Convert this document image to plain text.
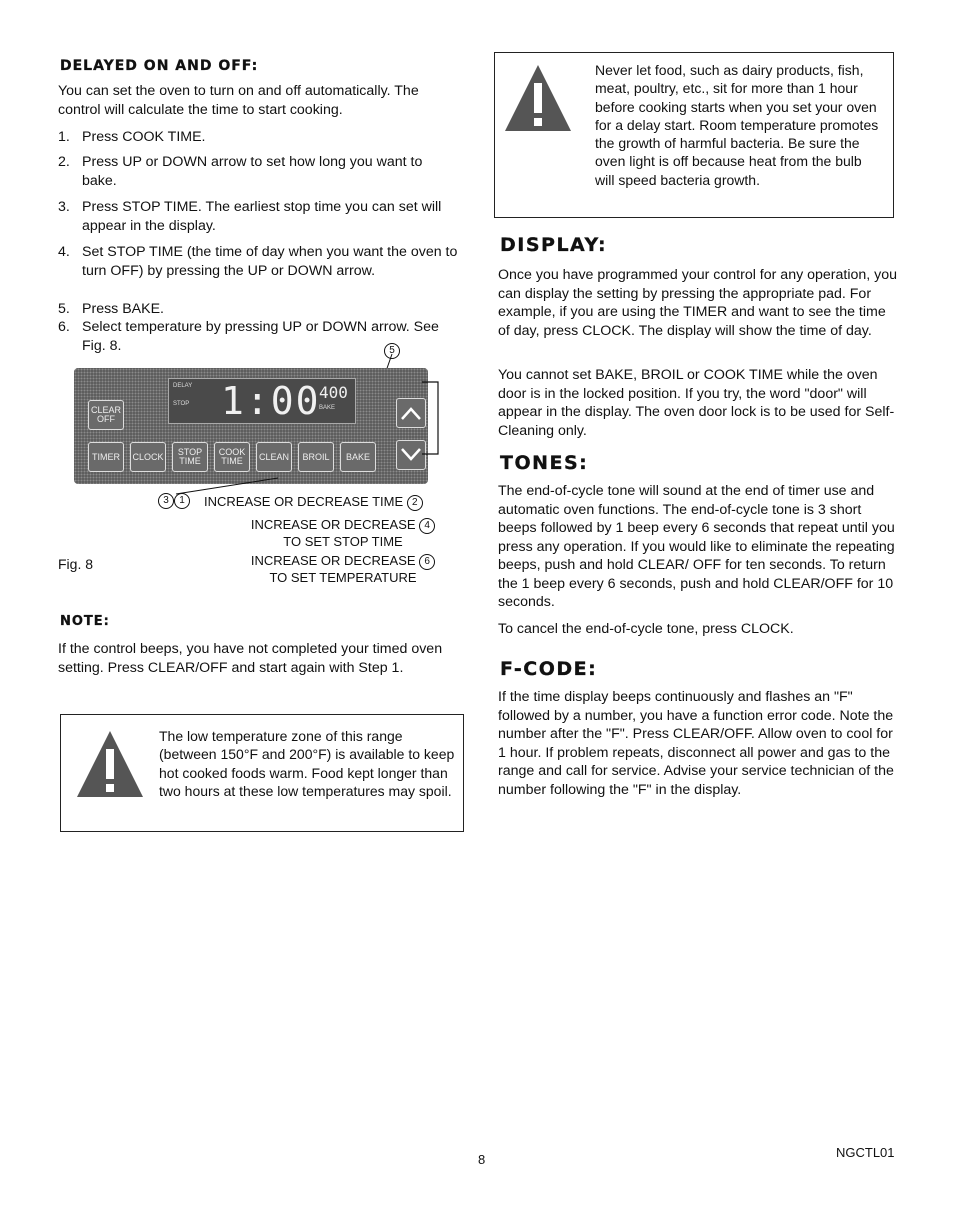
DELAYED ON AND OFF:

You can set the oven to turn on and off automatically. The control will calculate the time to start cooking.

1. Press COOK TIME.
2. Press UP or DOWN arrow to set how long you want to bake.
3. Press STOP TIME. The earliest stop time you can set will appear in the display.
4. Set STOP TIME (the time of day when you want the oven to turn OFF) by pressing the UP or DOWN arrow.
5. Press BAKE.
6. Select temperature by pressing UP or DOWN arrow. See Fig. 8.	5
DELAY
STOP 1:00
400
BAKE
CLEAR OFF
TIMER	CLOCK	STOP TIME
COOK TIME	CLEAN	BROIL	BAKE
3 1	INCREASE OR DECREASE TIME 2
INCREASE OR DECREASE 4
TO SET STOP TIME
Fig. 8	INCREASE OR DECREASE 6
TO SET TEMPERATURE
NOTE:

If the control beeps, you have not completed your timed oven setting. Press CLEAR/OFF and start again with Step 1.

The low temperature zone of this range (between 150°F and 200°F) is available to keep hot cooked foods warm. Food kept longer than two hours at these low temperatures may spoil.
Never let food, such as dairy products, fish, meat, poultry, etc., sit for more than 1 hour before cooking starts when you set your oven for a delay start. Room temperature promotes the growth of harmful bacteria. Be sure the oven light is off because heat from the bulb will speed bacteria growth.
DISPLAY:

Once you have programmed your control for any operation, you can display the setting by pressing the appropriate pad. For example, if you are using the TIMER and want to see the time of day, press CLOCK. The display will show the time of day.

You cannot set BAKE, BROIL or COOK TIME while the oven door is in the locked position. If you try, the word "door" will appear in the display. The oven door lock is to be used for Self-Cleaning only.

TONES:

The end-of-cycle tone will sound at the end of timer use and automatic oven functions. The end-of-cycle tone is 3 short beeps followed by 1 beep every 6 seconds that repeat until you press any operation. If you would like to eliminate the repeating beeps, push and hold CLEAR/ OFF for ten seconds. To return the 1 beep every 6 seconds, push and hold CLEAR/OFF for 10 seconds.

To cancel the end-of-cycle tone, press CLOCK.

F-CODE:

If the time display beeps continuously and flashes an "F" followed by a number, you have a function error code. Note the number after the "F". Press CLEAR/OFF. Allow oven to cool for 1 hour. If problem repeats, disconnect all power and gas to the range and call for service. Advise your service technician of the number following the "F" in the display.

8	NGCTL01
